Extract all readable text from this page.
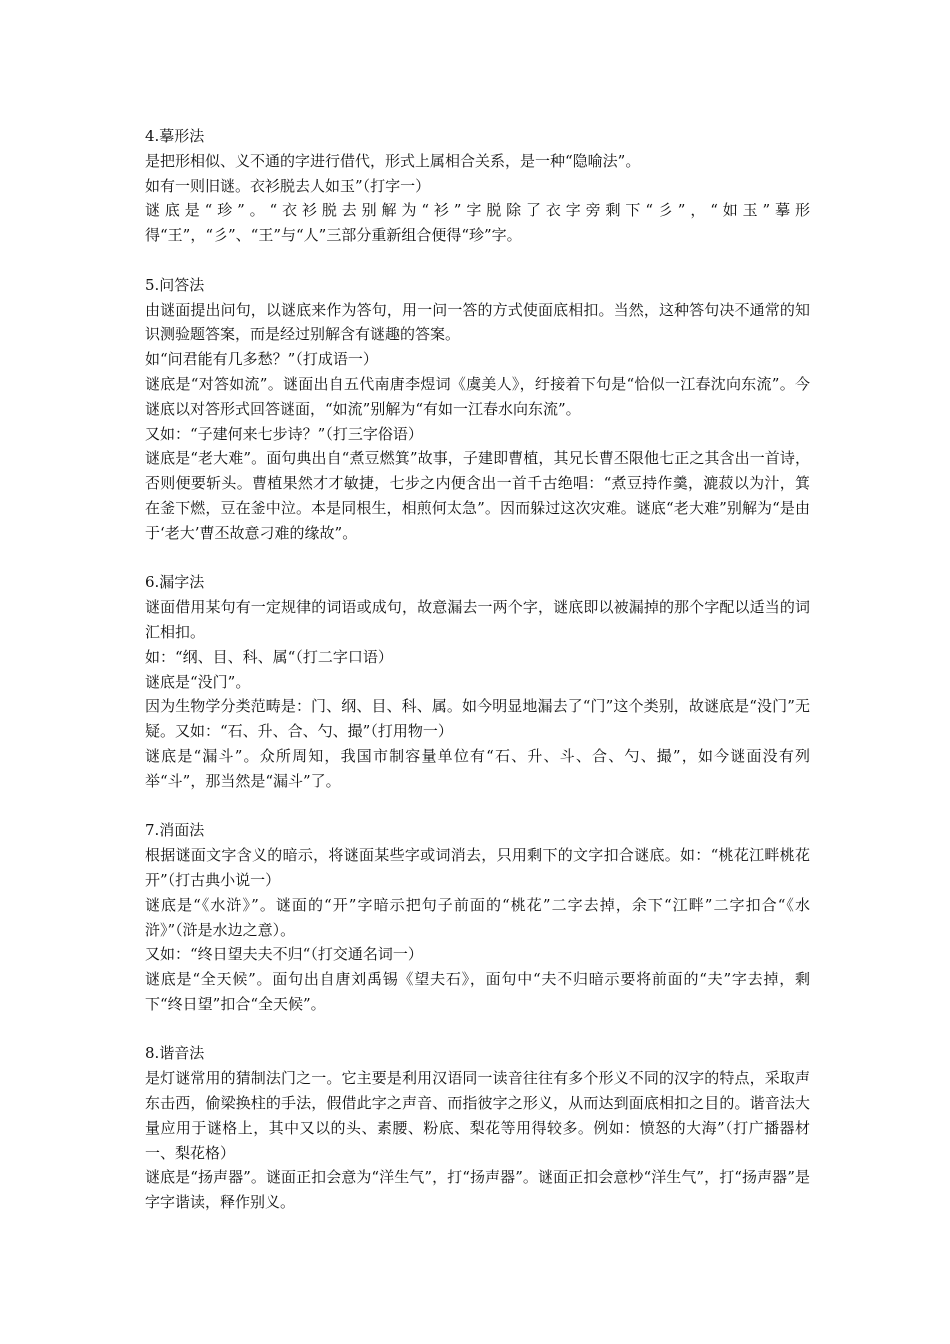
4.摹形法

是把形相似、义不通的字进行借代，形式上属相合关系，是一种“隐喻法”。

如有一则旧谜。衣衫脱去人如玉”（打字一）

谜底是“珍”。“衣衫脱去别解为“衫”字脱除了衣字旁剩下“彡”，“如玉”摹形得“王”，“彡”、“王”与“人”三部分重新组合便得“珍”字。

5.问答法

由谜面提出问句，以谜底来作为答句，用一问一答的方式使面底相扣。当然，这种答句决不通常的知识测验题答案，而是经过别解含有谜趣的答案。

如“问君能有几多愁？”（打成语一）

谜底是“对答如流”。谜面出自五代南唐李煜词《虞美人》，纡接着下句是“恰似一江春沈向东流”。今谜底以对答形式回答谜面，“如流”别解为“有如一江春水向东流”。

又如：“子建何来七步诗？”（打三字俗语）

谜底是“老大难”。面句典出自“煮豆燃箕”故事，子建即曹植，其兄长曹丕限他七正之其含出一首诗，否则便要斩头。曹植果然才才敏捷，七步之内便含出一首千古绝唱：“煮豆持作羹，漉菽以为汁，箕在釜下燃，豆在釜中泣。本是同根生，相煎何太急”。因而躲过这次灾难。谜底“老大难”别解为“是由于‘老大’曹丕故意刁难的缘故”。

6.漏字法

谜面借用某句有一定规律的词语或成句，故意漏去一两个字，谜底即以被漏掉的那个字配以适当的词汇相扣。

如：“纲、目、科、属“（打二字口语）

谜底是“没门”。

因为生物学分类范畴是：门、纲、目、科、属。如今明显地漏去了“门”这个类别，故谜底是“没门”无疑。又如：“石、升、合、勺、撮”（打用物一）

谜底是“漏斗”。众所周知，我国市制容量单位有“石、升、斗、合、勺、撮”，如今谜面没有列举“斗”，那当然是“漏斗”了。

7.消面法

根据谜面文字含义的暗示，将谜面某些字或词消去，只用剩下的文字扣合谜底。如：“桃花江畔桃花开”（打古典小说一）

谜底是“《水浒》”。谜面的“开”字暗示把句子前面的“桃花”二字去掉，余下“江畔”二字扣合“《水浒》”（浒是水边之意）。

又如：“终日望夫夫不归“（打交通名词一）

谜底是“全天候”。面句出自唐刘禹锡《望夫石》，面句中“夫不归暗示要将前面的“夫”字去掉，剩下“终日望”扣合“全天候”。

8.谐音法

是灯谜常用的猜制法门之一。它主要是利用汉语同一读音往往有多个形义不同的汉字的特点，采取声东击西，偷梁换柱的手法，假借此字之声音、而指彼字之形义，从而达到面底相扣之目的。谐音法大量应用于谜格上，其中又以的头、素腰、粉底、梨花等用得较多。例如：愤怒的大海”（打广播器材一、梨花格）

谜底是“扬声器”。谜面正扣会意为“洋生气”，打“扬声器”。谜面正扣会意杪“洋生气”，打“扬声器”是字字谐读，释作别义。
